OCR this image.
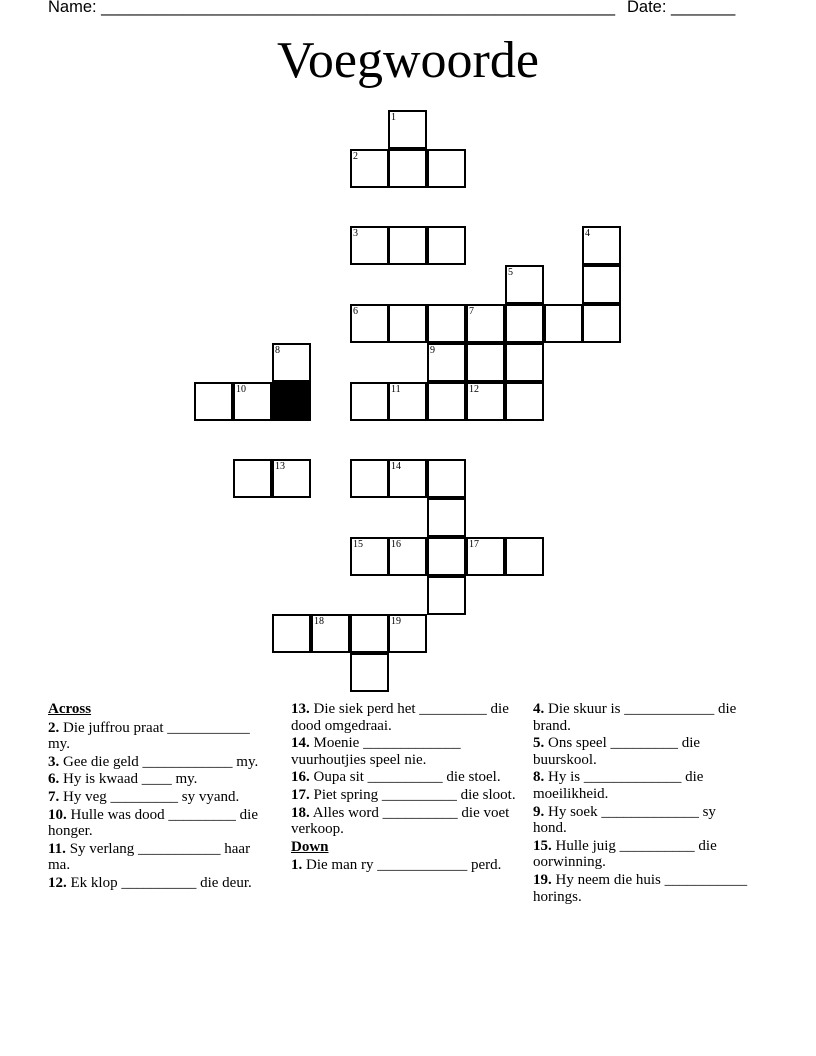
Name: ________________________________________________________ Date: _______
Voegwoorde
1
2
3	4
5
6	7
8	9
10	11	12
13	14
15	16	17
18	19
Across
2. Die juffrou praat ___________ my.
3. Gee die geld ____________ my.
6. Hy is kwaad ____ my.
7. Hy veg _________ sy vyand.
10. Hulle was dood _________ die honger.
11. Sy verlang ___________ haar ma.
12. Ek klop __________ die deur.
13. Die siek perd het _________ die dood omgedraai.
14. Moenie _____________ vuurhoutjies speel nie.
16. Oupa sit __________ die stoel.
17. Piet spring __________ die sloot.
18. Alles word __________ die voet verkoop.
Down
1. Die man ry ____________ perd.
4. Die skuur is ____________ die brand.
5. Ons speel _________ die buurskool.
8. Hy is _____________ die moeilikheid.
9. Hy soek _____________ sy hond.
15. Hulle juig __________ die oorwinning.
19. Hy neem die huis ___________ horings.
